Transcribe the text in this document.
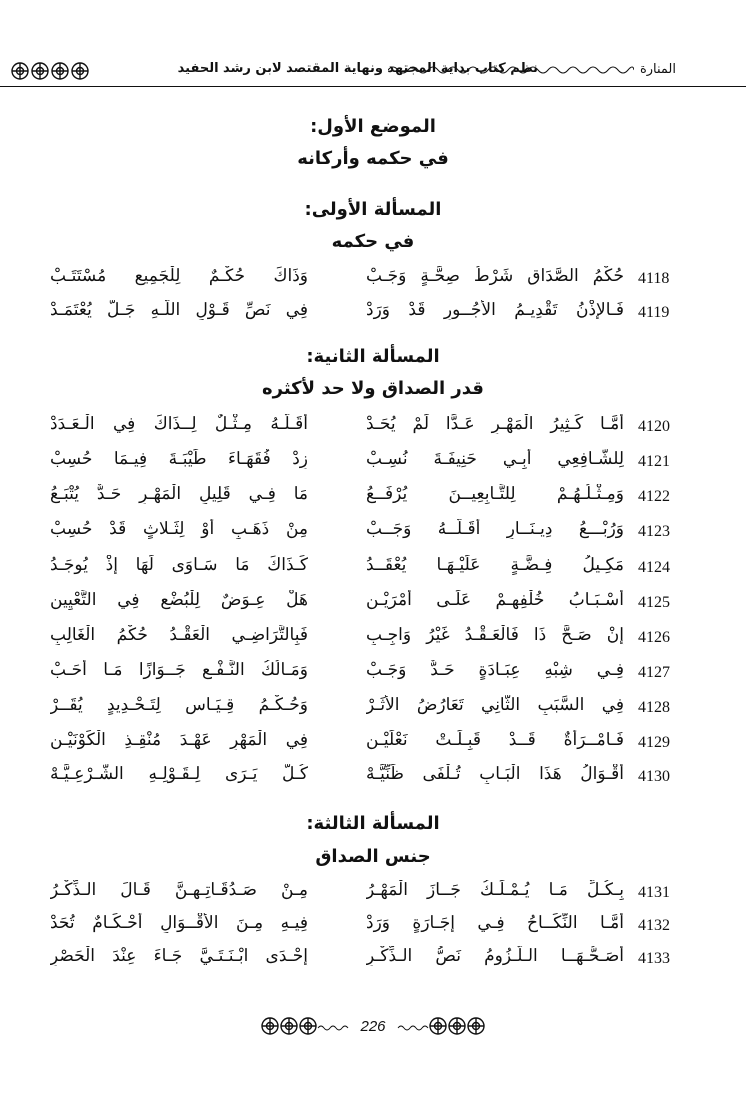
المنارة
نظم كتاب بداية المجتهد ونهاية المقتصد لابن رشد الحفيد
الموضع الأول:
في حكمه وأركانه
المسألة الأولى:
في حكمه
4118
حُكْمُ الصَّدَاقِ شَرْطُ صِحَّـةٍ وَجَـبْ
وَذَاكَ حُكْـمٌ لِلْجَمِيعِ مُسْتَتَـبْ
4119
فَـالإِذْنُ تَقْدِيـمُ الأُجُــورِ قَدْ وَرَدْ
فِي نَصِّ قَـوْلِ اللَّـهِ جَـلَّ يُعْتَمَـدْ
المسألة الثانية:
قدر الصداق ولا حد لأكثره
4120
أَمَّـا كَـثِيرُ الْمَهْـرِ عَـدًّا لَمْ يُحَـدْ
أَقَـلُّـهُ مِـثْـلٌ لِــذَاكَ فِي الْـعَـدَدْ
4121
لِلشَّـافِعِي أَبِـي حَنِيفَـةَ نُسِـبْ
زِدْ فُقَهَـاءَ طَيْبَـةَ فِيـمَا حُسِبْ
4122
وَمِـثْـلُـهُـمْ لِلتَّـابِعِيــنَ يُرْفَــعُ
مَا فِـي قَلِيلِ الْمَهْـرِ حَـدٌّ يُتْبَـعُ
4123
وَرُبْـــعُ دِيـنَــارٍ أَقَـلُّــهُ وَجَــبْ
مِنْ ذَهَـبٍ أَوْ لِثَـلاثٍ قَدْ حُسِبْ
4124
مَكِـيلُ فِـضَّـةٍ عَلَيْـهَـا يُعْقَــدُ
كَـذَاكَ مَا سَـاوَى لَهَا إِذْ يُوجَـدُ
4125
أَسْـبَـابُ خُلْفِهِـمْ عَلَـى أَمْرَيْـنِ
هَلْ عِـوَضٌ لِلْبُضْعِ فِي التَّعْيِينِ
4126
إِنْ صَـحَّ ذَا فَالْعَـقْـدُ غَيْرُ وَاجِـبِ
فَبِالتَّرَاضِـي الْعَقْـدُ حُكْمُ الْغَالِبِ
4127
فِـي شِبْهِ عِبَـادَةٍ حَـدٌّ وَجَـبْ
وَمَـالُكُ النَّـفْـعِ جَــوَازًا مَـا أَحَـبْ
4128
فِي السَّبَبِ الثَّانِي تَعَارُضُ الأَثَـرْ
وَحُـكْـمُ قِـيَـاسٍ لِتَـحْـدِيدٍ يُقَــرْ
4129
فَـامْــرَأَةٌ قَــدْ قَبِـلَـتْ نَعْلَيْـنِ
فِي الْمَهْرِ عَهْـدَ مُنْقِـذِ الْكَوْنَيْـنِ
4130
أَقْـوَالُ هَذَا الْبَـابِ تُـلْفَى ظَنِّيَّـهْ
كُـلٌّ يَـرَى لِـقَـوْلِـهِ الشَّـرْعِـيَّـهْ
المسألة الثالثة:
جنس الصداق
4131
بِـكُـلِّ مَـا يُـمْـلَـكُ جَــازَ الْمَهْـرُ
مِـنْ صَـدُقَـاتِـهِـنَّ قَـالَ الـذِّكْـرُ
4132
أَمَّـا النِّكَــاحُ فِـي إِجَـارَةٍ وَرَدْ
فِيـهِ مِـنَ الأَقْــوَالِ أَحْـكَـامٌ تُحَدْ
4133
أَصَـحُّـهَــا الـلُّـزُومُ نَصُّ الـذِّكْـرِ
إِحْـدَى ابْـنَـتَـيَّ جَـاءَ عِنْدَ الْحَصْرِ
226
